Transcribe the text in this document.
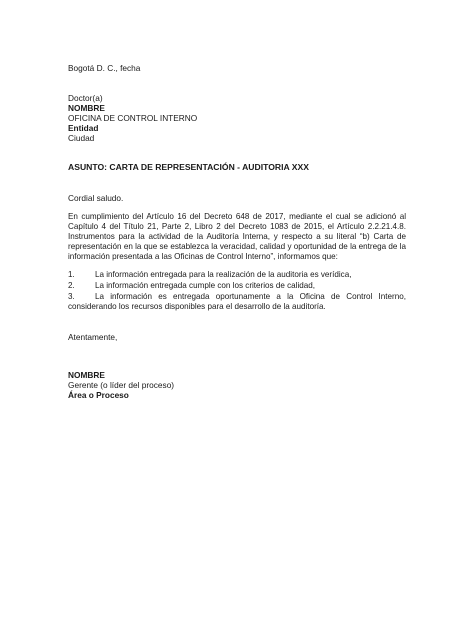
Bogotá D. C., fecha
Doctor(a)
NOMBRE
OFICINA DE CONTROL INTERNO
Entidad
Ciudad
ASUNTO: CARTA DE REPRESENTACIÓN - AUDITORIA XXX
Cordial saludo.
En cumplimiento del Artículo 16 del Decreto 648 de 2017, mediante el cual se adicionó al Capítulo 4 del Título 21, Parte 2, Libro 2 del Decreto 1083 de 2015, el Artículo 2.2.21.4.8. Instrumentos para la actividad de la Auditoría Interna, y respecto a su literal “b) Carta de representación en la que se establezca la veracidad, calidad y oportunidad de la entrega de la información presentada a las Oficinas de Control Interno”, informamos que:
1.	La información entregada para la realización de la auditoria es verídica,
2.	La información entregada cumple con los criterios de calidad,
3. La información es entregada oportunamente a la Oficina de Control Interno,
considerando los recursos disponibles para el desarrollo de la auditoría.
Atentamente,
NOMBRE
Gerente (o líder del proceso)
Área o Proceso
